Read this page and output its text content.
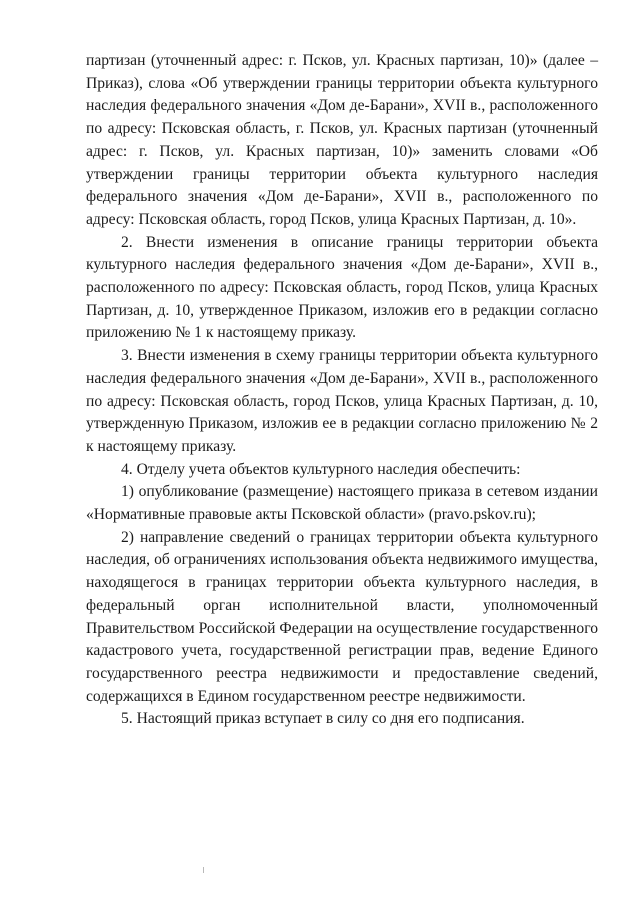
партизан (уточненный адрес: г. Псков, ул. Красных партизан, 10)» (далее – Приказ), слова «Об утверждении границы территории объекта культурного наследия федерального значения «Дом де-Барани», XVII в., расположенного по адресу: Псковская область, г. Псков, ул. Красных партизан (уточненный адрес: г. Псков, ул. Красных партизан, 10)» заменить словами «Об утверждении границы территории объекта культурного наследия федерального значения «Дом де-Барани», XVII в., расположенного по адресу: Псковская область, город Псков, улица Красных Партизан, д. 10».

2. Внести изменения в описание границы территории объекта культурного наследия федерального значения «Дом де-Барани», XVII в., расположенного по адресу: Псковская область, город Псков, улица Красных Партизан, д. 10, утвержденное Приказом, изложив его в редакции согласно приложению № 1 к настоящему приказу.

3. Внести изменения в схему границы территории объекта культурного наследия федерального значения «Дом де-Барани», XVII в., расположенного по адресу: Псковская область, город Псков, улица Красных Партизан, д. 10, утвержденную Приказом, изложив ее в редакции согласно приложению № 2 к настоящему приказу.

4. Отделу учета объектов культурного наследия обеспечить:

1) опубликование (размещение) настоящего приказа в сетевом издании «Нормативные правовые акты Псковской области» (pravo.pskov.ru);

2) направление сведений о границах территории объекта культурного наследия, об ограничениях использования объекта недвижимого имущества, находящегося в границах территории объекта культурного наследия, в федеральный орган исполнительной власти, уполномоченный Правительством Российской Федерации на осуществление государственного кадастрового учета, государственной регистрации прав, ведение Единого государственного реестра недвижимости и предоставление сведений, содержащихся в Едином государственном реестре недвижимости.

5. Настоящий приказ вступает в силу со дня его подписания.
